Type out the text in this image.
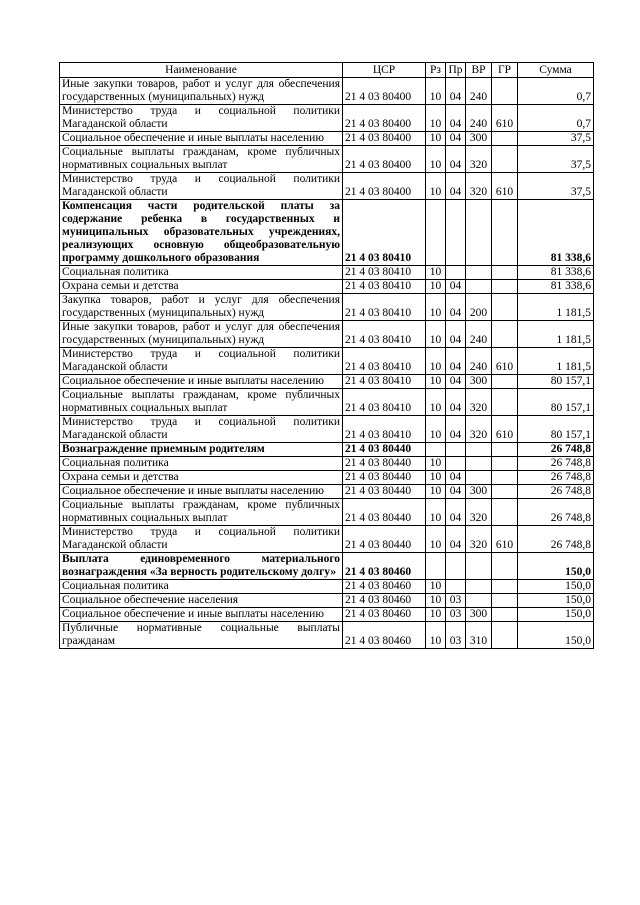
Наименование	ЦСР	Рз	Пр	ВР	ГР	Сумма
Иные закупки товаров, работ и услуг для обеспечения государственных (муниципальных) нужд	21 4 03 80400	10	04	240		0,7
Министерство труда и социальной политики Магаданской области	21 4 03 80400	10	04	240	610	0,7
Социальное обеспечение и иные выплаты населению	21 4 03 80400	10	04	300		37,5
Социальные выплаты гражданам, кроме публичных нормативных социальных выплат	21 4 03 80400	10	04	320		37,5
Министерство труда и социальной политики Магаданской области	21 4 03 80400	10	04	320	610	37,5
Компенсация части родительской платы за содержание ребенка в государственных и муниципальных образовательных учреждениях, реализующих основную общеобразовательную программу дошкольного образования	21 4 03 80410					81 338,6
Социальная политика	21 4 03 80410	10				81 338,6
Охрана семьи и детства	21 4 03 80410	10	04			81 338,6
Закупка товаров, работ и услуг для обеспечения государственных (муниципальных) нужд	21 4 03 80410	10	04	200		1 181,5
Иные закупки товаров, работ и услуг для обеспечения государственных (муниципальных) нужд	21 4 03 80410	10	04	240		1 181,5
Министерство труда и социальной политики Магаданской области	21 4 03 80410	10	04	240	610	1 181,5
Социальное обеспечение и иные выплаты населению	21 4 03 80410	10	04	300		80 157,1
Социальные выплаты гражданам, кроме публичных нормативных социальных выплат	21 4 03 80410	10	04	320		80 157,1
Министерство труда и социальной политики Магаданской области	21 4 03 80410	10	04	320	610	80 157,1
Вознаграждение приемным родителям	21 4 03 80440					26 748,8
Социальная политика	21 4 03 80440	10				26 748,8
Охрана семьи и детства	21 4 03 80440	10	04			26 748,8
Социальное обеспечение и иные выплаты населению	21 4 03 80440	10	04	300		26 748,8
Социальные выплаты гражданам, кроме публичных нормативных социальных выплат	21 4 03 80440	10	04	320		26 748,8
Министерство труда и социальной политики Магаданской области	21 4 03 80440	10	04	320	610	26 748,8
Выплата единовременного материального вознаграждения «За верность родительскому долгу»	21 4 03 80460					150,0
Социальная политика	21 4 03 80460	10				150,0
Социальное обеспечение населения	21 4 03 80460	10	03			150,0
Социальное обеспечение и иные выплаты населению	21 4 03 80460	10	03	300		150,0
Публичные нормативные социальные выплаты гражданам	21 4 03 80460	10	03	310		150,0
